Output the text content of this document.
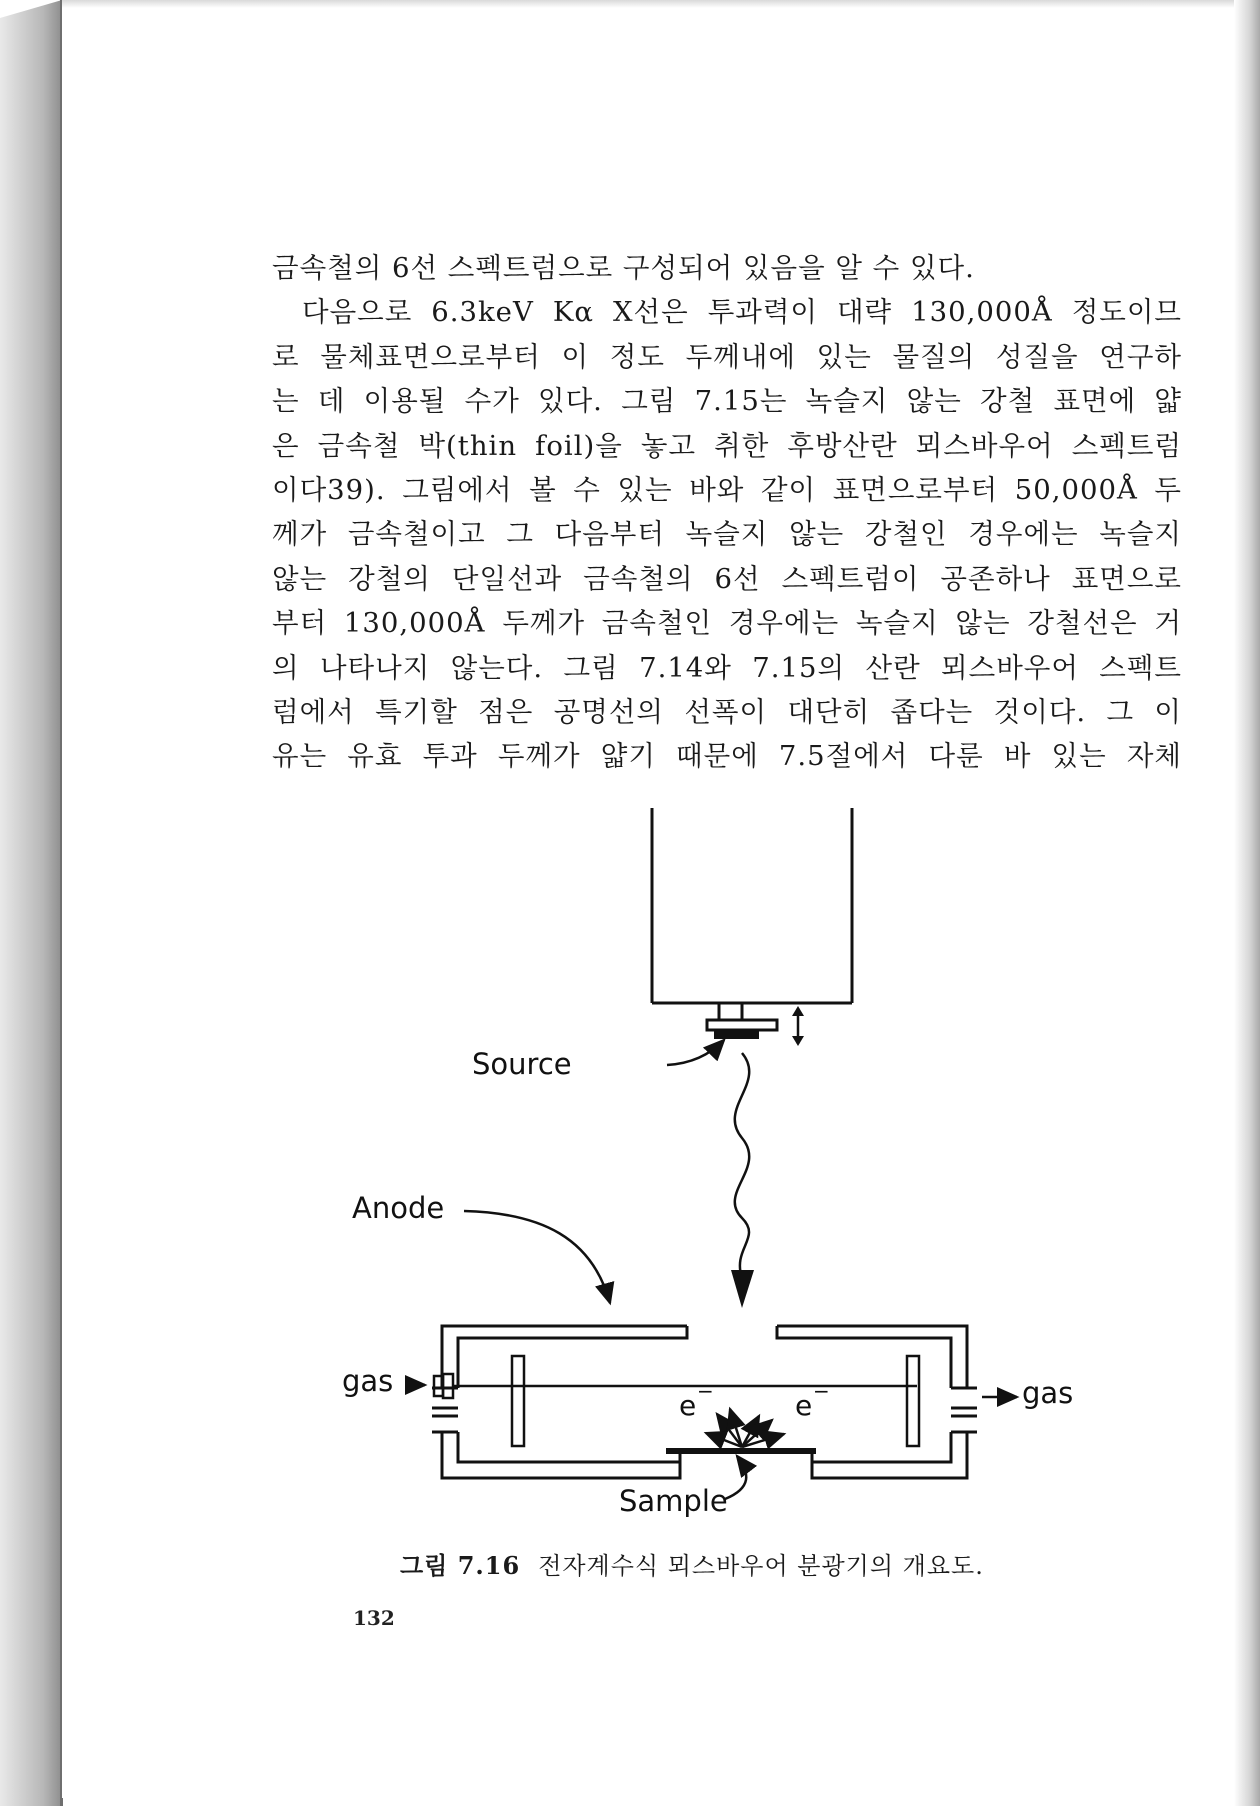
금속철의 6선 스펙트럼으로 구성되어 있음을 알 수 있다.
다음으로 6.3keV Kα X선은 투과력이 대략 130,000Å 정도이므
로 물체표면으로부터 이 정도 두께내에 있는 물질의 성질을 연구하
는 데 이용될 수가 있다. 그림 7.15는 녹슬지 않는 강철 표면에 얇
은 금속철 박(thin foil)을 놓고 취한 후방산란 뫼스바우어 스펙트럼
이다39). 그림에서 볼 수 있는 바와 같이 표면으로부터 50,000Å 두
께가 금속철이고 그 다음부터 녹슬지 않는 강철인 경우에는 녹슬지
않는 강철의 단일선과 금속철의 6선 스펙트럼이 공존하나 표면으로
부터 130,000Å 두께가 금속철인 경우에는 녹슬지 않는 강철선은 거
의 나타나지 않는다. 그림 7.14와 7.15의 산란 뫼스바우어 스펙트
럼에서 특기할 점은 공명선의 선폭이 대단히 좁다는 것이다. 그 이
유는 유효 투과 두께가 얇기 때문에 7.5절에서 다룬 바 있는 자체
Source
Anode
e −	e −
gas	gas
Sample
그림 7.16 전자계수식 뫼스바우어 분광기의 개요도.
132
